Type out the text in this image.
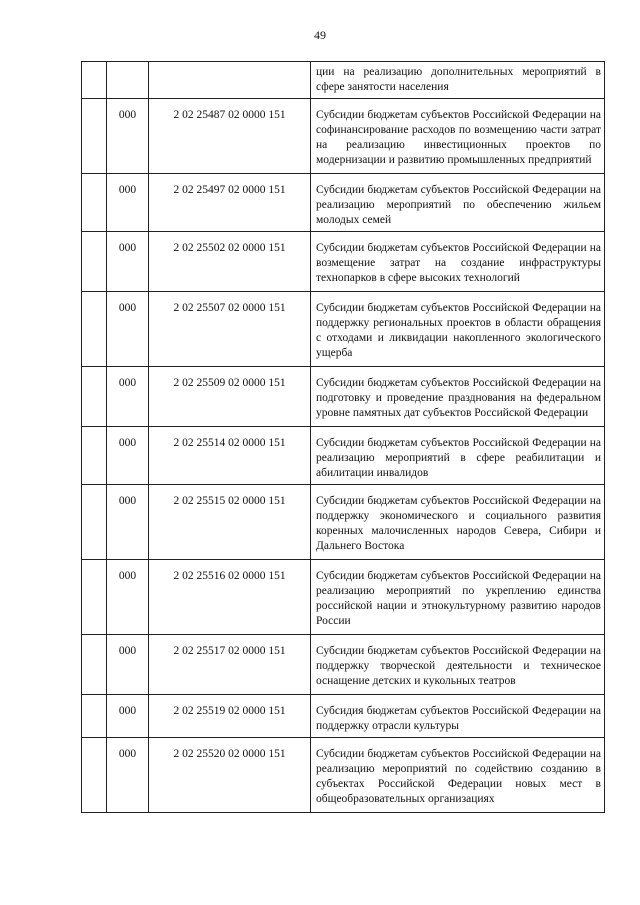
49
			ции на реализацию дополнительных мероприятий в сфере занятости населения
	000	2 02 25487 02 0000 151	Субсидии бюджетам субъектов Российской Федерации на софинансирование расходов по возмещению части затрат на реализацию инвестиционных проектов по модернизации и развитию промышленных предприятий
	000	2 02 25497 02 0000 151	Субсидии бюджетам субъектов Российской Федерации на реализацию мероприятий по обеспечению жильем молодых семей
	000	2 02 25502 02 0000 151	Субсидии бюджетам субъектов Российской Федерации на возмещение затрат на создание инфраструктуры технопарков в сфере высоких технологий
	000	2 02 25507 02 0000 151	Субсидии бюджетам субъектов Российской Федерации на поддержку региональных проектов в области обращения с отходами и ликвидации накопленного экологического ущерба
	000	2 02 25509 02 0000 151	Субсидии бюджетам субъектов Российской Федерации на подготовку и проведение празднования на федеральном уровне памятных дат субъектов Российской Федерации
	000	2 02 25514 02 0000 151	Субсидии бюджетам субъектов Российской Федерации на реализацию мероприятий в сфере реабилитации и абилитации инвалидов
	000	2 02 25515 02 0000 151	Субсидии бюджетам субъектов Российской Федерации на поддержку экономического и социального развития коренных малочисленных народов Севера, Сибири и Дальнего Востока
	000	2 02 25516 02 0000 151	Субсидии бюджетам субъектов Российской Федерации на реализацию мероприятий по укреплению единства российской нации и этнокультурному развитию народов России
	000	2 02 25517 02 0000 151	Субсидии бюджетам субъектов Российской Федерации на поддержку творческой деятельности и техническое оснащение детских и кукольных театров
	000	2 02 25519 02 0000 151	Субсидия бюджетам субъектов Российской Федерации на поддержку отрасли культуры
	000	2 02 25520 02 0000 151	Субсидии бюджетам субъектов Российской Федерации на реализацию мероприятий по содействию созданию в субъектах Российской Федерации новых мест в общеобразовательных организациях
